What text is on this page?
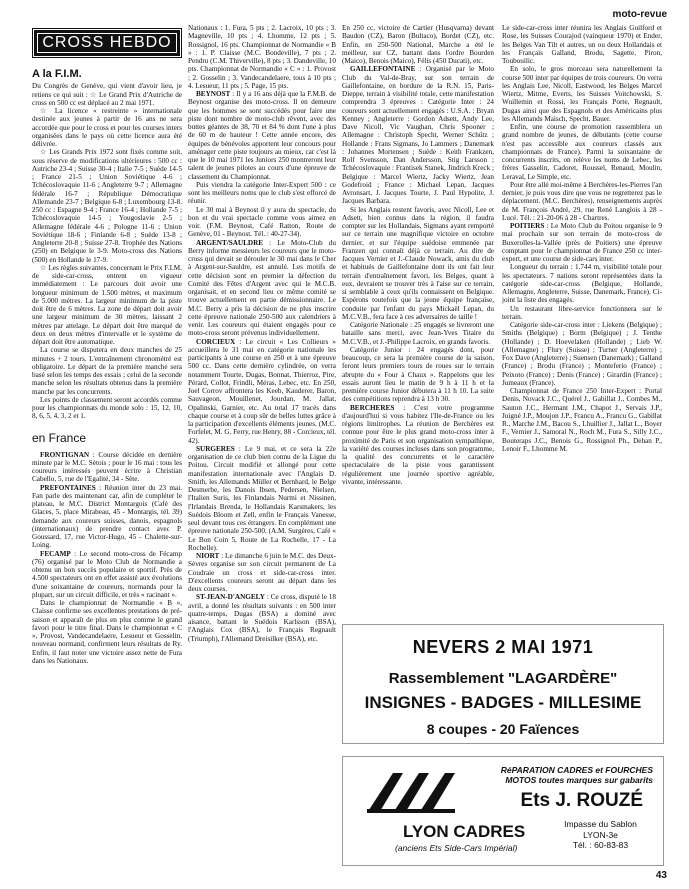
moto-revue
CROSS HEBDO
A la F.I.M.

Du Congrès de Genève, qui vient d'avoir lieu, je retiens ce qui suit : ☆ Le Grand Prix d'Autriche de cross en 500 cc est déplacé au 2 mai 1971.

☆ La licence « restreinte » internationale destinée aux jeunes à partir de 16 ans ne sera accordée que pour le cross et pour les courses inters organisées dans le pays où cette licence aura été délivrée.

☆ Les Grands Prix 1972 sont fixés comme suit, sous réserve de modifications ultérieures : 500 cc : Autriche 23-4 ; Suisse 30-4 ; Italie 7-5 ; Suède 14-5 ; France 21-5 ; Union Soviétique 4-6 ; Tchécoslovaquie 11-6 ; Angleterre 9-7 ; Allemagne fédérale 16-7 ; République Démocratique Allemande 23-7 ; Belgique 6-8 ; Luxembourg 13-8. 250 cc : Espagne 9-4 ; France 16-4 ; Hollande 7-5 ; Tchécoslovaquie 14-5 ; Yougoslavie 2-5 ; Allemagne fédérale 4-6 ; Pologne 11-6 ; Union Soviétique 18-6 ; Finlande 6-8 ; Suède 13-8 ; Angleterre 20-8 ; Suisse 27-8. Trophée des Nations (250) en Belgique le 3-9. Moto-cross des Nations (500) en Hollande le 17-9.

☆ Les règles suivantes, concernant le Prix F.I.M. de side-car-cross, entrent en vigueur immédiatement : Le parcours doit avoir une longueur minimum de 1.500 mètres, et maximum de 5.000 mètres. La largeur minimum de la piste doit être de 6 mètres. La zone de départ doit avoir une largeur minimum de 30 mètres, laissant 2 mètres par attelage. Le départ doit être marqué de deux en deux mètres d'intervalle et le système de départ doit être automatique.

La course se disputera en deux manches de 25 minutes + 2 tours. L'entraînement chronométré est obligatoire. Le départ de la première manche sera basé selon les temps des essais ; celui de la seconde manche selon les résultats obtenus dans la première manche par les concurrents.

Les points de classement seront accordés comme pour les championnats du monde solo : 15, 12, 10, 8, 6, 5, 4, 3, 2 et 1.

en France

FRONTIGNAN : Course décidée en dernière minute par le M.C. Sètois ; pour le 16 mai : tous les coureurs intéressés peuvent écrire à Christian Cabello, 5, rue de l'Egalité, 34 - Sète.

PREFONTAINES : Réunion inter du 23 mai. Fan parle des maintenant car, afin de compléter le plateau, le M.C. District Montargois (Café des Glaces, 5, place Mirabeau, 45 - Montargis, tél. 39) demande aux coureurs suisses, danois, espagnols (internationaux) de prendre contact avec P. Goussard, 17, rue Victor-Hugo, 45 - Chalette-sur-Loing.

FECAMP : Le second moto-cross de Fécamp (76) organisé par le Moto Club de Normandie a obtenu un bon succès populaire et sportif. Près de 4.500 spectateurs ont en effet assisté aux évolutions d'une soixantaine de coureurs, normands pour la plupart, sur un circuit difficile, et très « racinant ».

Dans le championnat de Normandie « B », Claisse confirme ses excellentes prestations de pré-saison et apparaît de plus en plus comme le grand favori pour le titre final. Dans le championnat « C », Provost, Vandecandelaere, Lesueur et Gosselin, nouveau normand, confirment leurs résultats de Ry. Enfin, il faut noter une victoire assez nette de Fura dans les Nationaux.

Nationaux : 1. Fura, 5 pts ; 2. Lacroix, 10 pts ; 3. Magneville, 10 pts ; 4. Lhomme, 12 pts ; 5. Rossignol, 16 pts. Championnat de Normandie « B » : 1. P. Claisse (M.C. Bondeville), 7 pts ; 2. Pendru (C.M. Thiverville), 8 pts ; 3. Dandeville, 10 pts. Championnat de Normandie « C » : 1. Provost ; 2. Gosselin ; 3. Vandecandelaere, tous à 10 pts ; 4. Lesueur, 11 pts ; 5. Page, 15 pts.

BEYNOST : Il y a 16 ans déjà que la F.M.B. de Beynost organise des moto-cross. Il en demeure que les hommes se sont succédés pour faire une piste dont nombre de moto-club rêvent, avec des buttes géantes de 38, 70 et 84 % dont l'une à plus de 60 m de hauteur ! Cette année encore, des équipes de bénévoles apportent leur concours pour aménager cette piste toujours au mieux, car c'est là que le 10 mai 1971 les Juniors 250 montreront leur talent de jeunes pilotes au cours d'une épreuve de classement du Championnat.

Puis viendra la catégorie Inter-Expert 500 : ce sont les meilleurs noms que le club s'est efforcé de réunir.

Le 30 mai à Beynost il y aura du spectacle, du bon et du vrai spectacle comme vous aimez en voir. (F.M. Beynost, Café Ratton, Route de Genève, 01 - Beynost. Tél. : 40-27-34).

ARGENT/SAULDRE : Le Moto-Club du Berry informe messieurs les coureurs que le moto-cross qui devait se dérouler le 30 mai dans le Cher à Argent-sur-Sauldre, est annulé. Les motifs de cette décision sont en premier la défection du Comité des Fêtes d'Argent avec qui le M.C.B. organisait, et en second lieu ce même comité se trouve actuellement en partie démissionnaire. Le M.C. Berry a pris la décision de ne plus inscrire cette épreuve nationale 250-500 aux calendriers à venir. Les coureurs qui étaient engagés pour ce moto-cross seront prévenus individuellement.

CORCIEUX : Le circuit « Les Collieurs » accueillera le 31 mai en catégorie nationale les participants à une course en 250 et à une épreuve 500 cc. Dans cette dernière cylindrée, on verra notamment Tourte, Dugas, Bonnat, Thierroz, Pire, Pérard, Collot, Frindli, Méras, Lebec, etc. En 250, Joel Corrov affrontera les Keeb, Kauderer, Baron, Sauvageon, Mouillenet, Jourdan, M. Jallat, Opalinski, Garnier, etc. Au total 17 tracés dans chaque course et à coup sûr de belles luttes grâce à la participation d'excellents éléments jeunes. (M.C. Forfelet, M. G. Ferry, rue Henry, 88 - Corcieux, tél. 42).

SURGERES : Le 9 mai, et ce sera la 22e organisation de ce club bien connu de la Ligue du Poitou. Circuit modifié et allongé pour cette manifestation internationale avec l'Anglais D. Smith, les Allemands Müller et Bernhard, le Belge Desmerbe, les Danois Ibsen, Pedersen, Nielsen, l'Italien Suris, les Finlandais Nurmi et Nissinen, l'Irlandais Brenda, le Hollandais Karsmakers, les Suédois Bloom et Zell, enfin le Français Vanesse, seul devant tous ces étrangers. En complément une épreuve nationale 250-500. (A.M. Surgères, Café « Le Bon Coin 5, Route de La Rochelle, 17 - La Rochelle).

NIORT : Le dimanche 6 juin le M.C. des Deux-Sèvres organise sur son circuit permanent de La Coudraie un cross et side-car-cross inter. D'excellents coureurs seront au départ dans les deux courses.

ST-JEAN-D'ANGELY : Ce cross, disputé le 18 avril, a donné les résultats suivants : en 500 inter quatre-temps, Dugas (BSA) a dominé avec aisance, battant le Suédois Karlsson (BSA), l'Anglais Cox (BSA), le Français Regnault (Triumph), l'Allemand Dreisilker (BSA), etc.

En 250 cc, victoire de Cartier (Husqvarna) devant Baudon (CZ), Baron (Bultaco), Bordet (CZ), etc. Enfin, en 250-500 National, Marche a été le meilleur, sur CZ, battant dans l'ordre Bourden (Maico), Benois (Maico), Félis (450 Ducati), etc.

GAILLEFONTAINE : Organisé par le Moto Club du Val-de-Bray, sur son terrain de Gaillefontaine, en bordure de la R.N. 15, Paris-Dieppe, terrain à visibilité totale, cette manifestation comprendra 3 épreuves : Catégorie Inter : 24 coureurs sont actuellement engagés : U.S.A. : Bryan Kenney ; Angleterre : Gordon Adsett, Andy Lee, Dave Nicoll, Vic Vaughan, Chris Spooner ; Allemagne : Christoph Specht, Werner Schütz ; Hollande : Frans Sigmans, Jo Lammers ; Danemark : Johannes Mortensen ; Suède : Keith Frankzen, Rolf Svensson, Dan Andersson, Stig Larsson ; Tchécoslovaquie : Frantisek Stanek, Jindrich Kreck ; Belgique : Marcel Wiertz, Jacky Wiertz, Jean Godefroid ; France : Michael Lepan, Jacques Avronsart, J. Jacques Tourte, J. Paul Hypolite, J. Jacques Barbara.

Si les Anglais restent favoris, avec Nicoll, Lee et Adsett, bien connus dans la région, il faudra compter sur les Hollandais, Sigmans ayant remporté sur ce terrain une magnifique victoire en octobre dernier, et sur l'équipe suédoise emmenée par Franzen qui connaît déjà ce terrain. Au dire de Jacques Vernier et J.-Claude Nowack, amis du club et habitués de Gaillefontaine dont ils ont fait leur terrain d'entraînement favori, les Belges, quant à eux, devraient se trouver très à l'aise sur ce terrain, si semblable à ceux qu'ils connaissent en Belgique. Espérons toutefois que la jeune équipe française, conduite par l'enfant du pays Mickaël Lepan, du M.C.V.B., fera face à ces adversaires de taille !

Catégorie Nationale : 25 engagés se livreront une bataille sans merci, avec Jean-Yves Titaire du M.C.V.B., et J.-Philippe Lacroix, en grands favoris.

Catégorie Junior : 24 engagés dont, pour beaucoup, ce sera la première course de la saison, feront leurs premiers tours de roues sur le terrain abrupte du « Four à Chaux ». Rappelons que les essais auront lieu le matin de 9 h à 11 h et la première course Junior débutera à 11 h 10. La suite des compétitions reprendra à 13 h 30.

BERCHERES : C'est votre programme d'aujourd'hui si vous habitez l'Ile-de-France ou les régions limitrophes. La réunion de Berchères est connue pour être le plus grand moto-cross inter à proximité de Paris et son organisation sympathique, la variété des courses incluses dans son programme, la qualité des concurrents et le caractère spectaculaire de la piste vous garantissent régulièrement une journée sportive agréable, vivante, intéressante.

Le side-car-cross inter réunira les Anglais Guilford et Rose, les Suisses Courajod (vainqueur 1970) et Ender, les Belges Van Tilt et autres, un ou deux Hollandais et les Français Galland, Brodu, Sagette, Piron, Toubouilic.

En solo, le gros morceau sera naturellement la course 500 inter par équipes de trois coureurs. On verra les Anglais Lee, Nicoll, Eastwood, les Belges Marcel Wiertz, Mitme, Everts, les Suisses Voitchowski, S. Wuillemin et Rossi, les Français Porte, Regnault, Dugas ainsi que des Espagnols et des Américains plus les Allemands Maisch, Specht, Bauer.

Enfin, une course de promotion rassemblera un grand nombre de jeunes, de débutants (cette course n'est pas accessible aux coureurs classés aux championnats de France). Parmi la soixantaine de concurrents inscrits, on relève les noms de Lebec, les frères Gasselin, Cadoret, Roussel, Renaud, Moulin, Leraval, Le Simple, etc.

Pour être allé moi-même à Berchères-les-Pierres l'an dernier, je puis vous dire que vous ne regretterez pas le déplacement. (M.C. Berchères), renseignements auprès de M. François André, 29, rue René Langlois à 28 - Lucé. Tél. : 21-20-06 à 28 - Chartres.

POITIERS : Le Moto Club du Poitou organise le 9 mai prochain sur son terrain de moto-cross de Buxerolles-la-Vallée (près de Poitiers) une épreuve comptant pour le championnat de France 250 cc inter-expert, et une course de side-cars inter.

Longueur du terrain : 1.744 m, visibilité totale pour les spectateurs. 7 nations seront représentées dans la catégorie side-car-cross (Belgique, Hollande, Allemagne, Angleterre, Suisse, Danemark, France). Ci-joint la liste des engagés.

Un restaurant libre-service fonctionnera sur le terrain.

Catégorie side-car-cross inter : Liekens (Belgique) ; Smiths (Belgique) ; Borm (Belgique) ; J. Tenthe (Hollande) ; D. Hoevelaken (Hollande) ; Lieb W. (Allemagne) ; Flury (Suisse) ; Turner (Angleterre) ; Fox Dave (Angleterre) ; Suensen (Danemark) ; Galland (France) ; Brodu (France) ; Monteferio (France) ; Peixoto (France) ; Denis (France) ; Girardin (France) ; Jumeaux (France).

Championnat de France 250 Inter-Expert : Portal Denis, Novack J.C., Quérel J., Gabillat J., Combes M., Sauton J.C., Hermant J.M., Chapot J., Servais J.P., Juigné J.P., Moujon J.P., Francu A., Francu G., Gabillat R., Marche J.M., Bacou S., Lhuillier J., Jallat L., Boyer F., Vernier J., Samoral N., Roch M., Fura S., Silly J.C., Bouteraps J.C., Benois G., Rossignol Ph., Dehan P., Lenoir F., Lhomme M.

NEVERS 2 MAI 1971
Rassemblement "LAGARDÈRE"
INSIGNES - BADGES - MILLESIME
8 coupes - 20 Faïences
LYON CADRES
(anciens Ets Side-Cars Impérial)
RéPARATION CADRES et FOURCHES
MOTOS toutes marques sur gabarits
Ets J. ROUZÉ
Impasse du Sablon
LYON-3e
Tél. : 60-83-83
43
